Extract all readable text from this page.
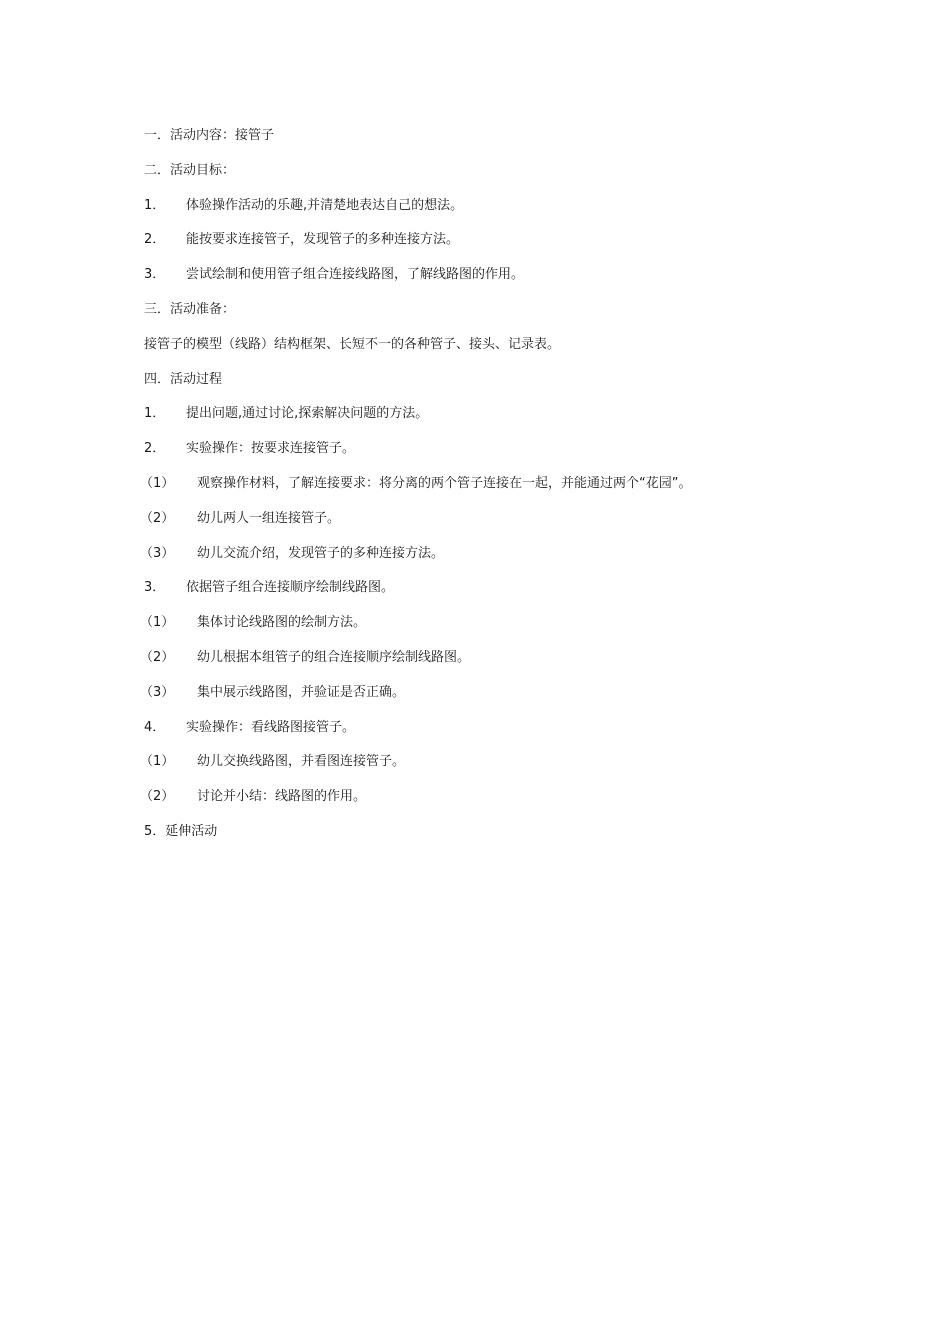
一．活动内容：接管子
二．活动目标：
1．	体验操作活动的乐趣,并清楚地表达自己的想法。
2．	能按要求连接管子，发现管子的多种连接方法。
3．	尝试绘制和使用管子组合连接线路图，了解线路图的作用。
三．活动准备：
接管子的模型（线路）结构框架、长短不一的各种管子、接头、记录表。
四．活动过程
1．	提出问题,通过讨论,探索解决问题的方法。
2．	实验操作：按要求连接管子。
（1）	观察操作材料，了解连接要求：将分离的两个管子连接在一起，并能通过两个“花园”。
（2）	幼儿两人一组连接管子。
（3）	幼儿交流介绍，发现管子的多种连接方法。
3．	依据管子组合连接顺序绘制线路图。
（1）	集体讨论线路图的绘制方法。
（2）	幼儿根据本组管子的组合连接顺序绘制线路图。
（3）	集中展示线路图，并验证是否正确。
4．	实验操作：看线路图接管子。
（1）	幼儿交换线路图，并看图连接管子。
（2）	讨论并小结：线路图的作用。
5．延伸活动
